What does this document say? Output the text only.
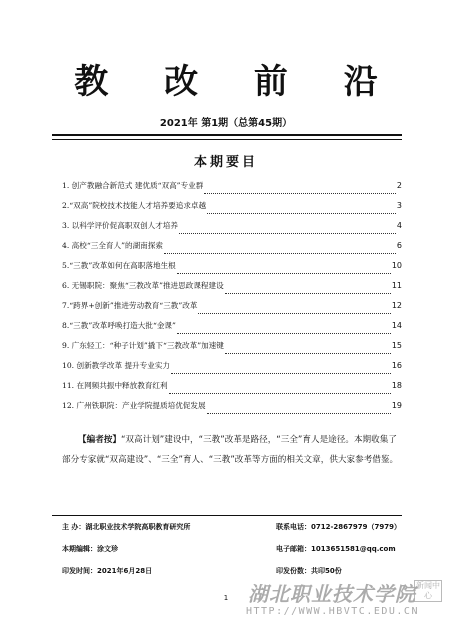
教 改 前 沿
2021年 第1期（总第45期）
本期要目
1. 创产教融合新范式 建优质“双高”专业群	2
2.“双高”院校技术技能人才培养要追求卓越	3
3. 以科学评价促高职双创人才培养	4
4. 高校“三全育人”的湖南探索	6
5.“三教”改革如何在高职落地生根	10
6. 无锡职院：聚焦“三教改革”推进思政课程建设	11
7.“跨界+创新”推进劳动教育“三教”改革	12
8.“三教”改革呼唤打造大批“金课”	14
9. 广东轻工：“种子计划”撬下“三教改革”加速键	15
10. 创新教学改革 提升专业实力	16
11. 在网频共振中释放教育红利	18
12. 广州铁职院：产业学院提质培优促发展	19
【编者按】“双高计划”建设中，“三教”改革是路径，“三全”育人是途径。本期收集了部分专家就“双高建设”、“三全”育人、“三教”改革等方面的相关文章，供大家参考借鉴。
主 办：湖北职业技术学院高职教育研究所	联系电话：0712-2867979（7979）
本期编辑：涂文珍	电子邮箱：1013651581@qq.com
印发时间：2021年6月28日	印发份数：共印50份
1 湖北职业技术学院 新闻中心
HTTP://WWW.HBVTC.EDU.CN
